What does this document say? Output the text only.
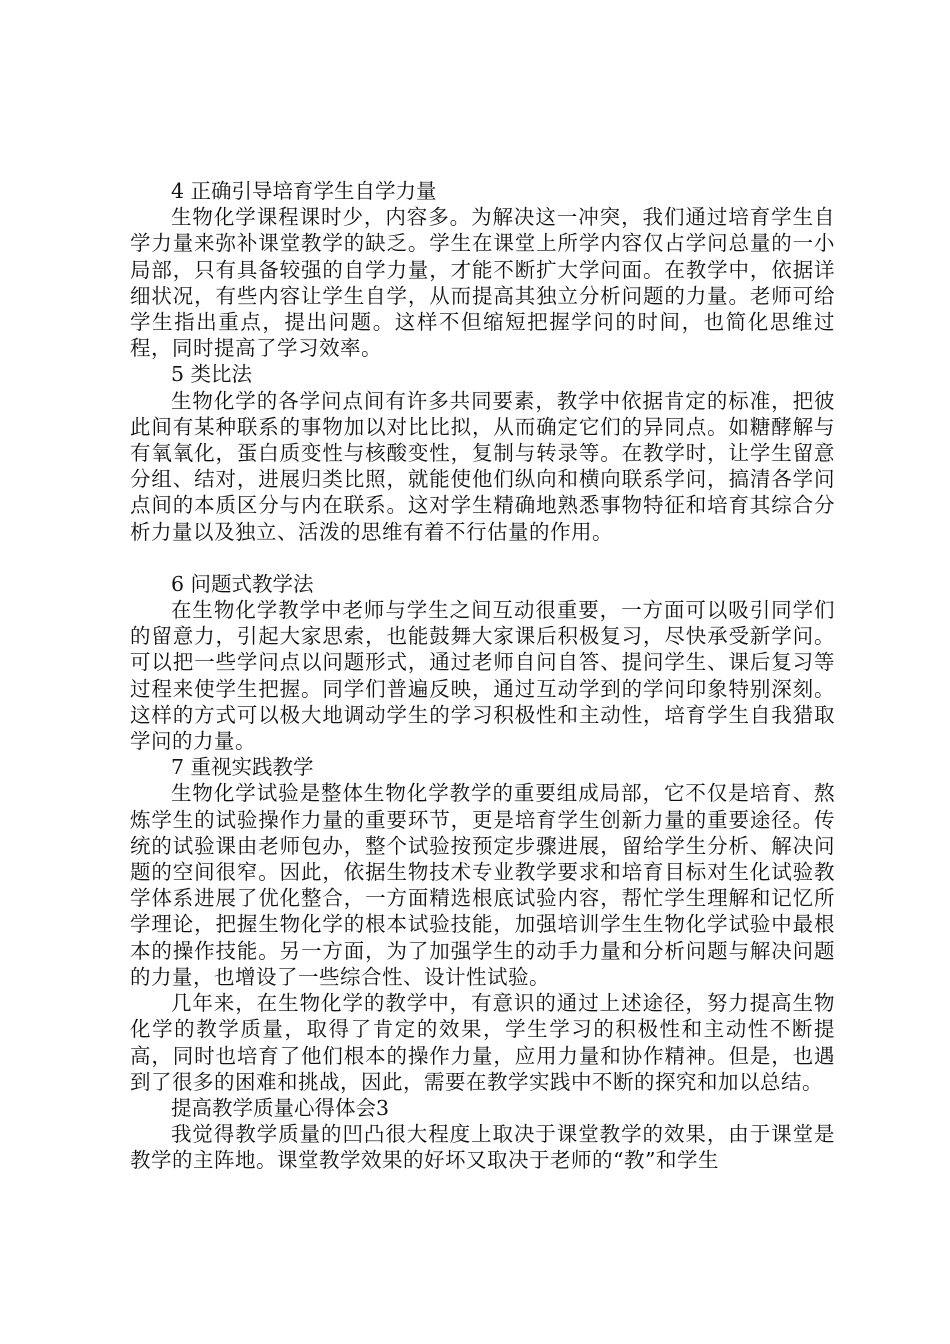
4 正确引导培育学生自学力量

生物化学课程课时少，内容多。为解决这一冲突，我们通过培育学生自学力量来弥补课堂教学的缺乏。学生在课堂上所学内容仅占学问总量的一小局部，只有具备较强的自学力量，才能不断扩大学问面。在教学中，依据详细状况，有些内容让学生自学，从而提高其独立分析问题的力量。老师可给学生指出重点，提出问题。这样不但缩短把握学问的时间，也简化思维过程，同时提高了学习效率。

5 类比法

生物化学的各学问点间有许多共同要素，教学中依据肯定的标准，把彼此间有某种联系的事物加以对比比拟，从而确定它们的异同点。如糖酵解与有氧氧化，蛋白质变性与核酸变性，复制与转录等。在教学时，让学生留意分组、结对，进展归类比照，就能使他们纵向和横向联系学问，搞清各学问点间的本质区分与内在联系。这对学生精确地熟悉事物特征和培育其综合分析力量以及独立、活泼的思维有着不行估量的作用。

6 问题式教学法

在生物化学教学中老师与学生之间互动很重要，一方面可以吸引同学们的留意力，引起大家思索，也能鼓舞大家课后积极复习，尽快承受新学问。可以把一些学问点以问题形式，通过老师自问自答、提问学生、课后复习等过程来使学生把握。同学们普遍反映，通过互动学到的学问印象特别深刻。这样的方式可以极大地调动学生的学习积极性和主动性，培育学生自我猎取学问的力量。

7 重视实践教学

生物化学试验是整体生物化学教学的重要组成局部，它不仅是培育、熬炼学生的试验操作力量的重要环节，更是培育学生创新力量的重要途径。传统的试验课由老师包办，整个试验按预定步骤进展，留给学生分析、解决问题的空间很窄。因此，依据生物技术专业教学要求和培育目标对生化试验教学体系进展了优化整合，一方面精选根底试验内容，帮忙学生理解和记忆所学理论，把握生物化学的根本试验技能，加强培训学生生物化学试验中最根本的操作技能。另一方面，为了加强学生的动手力量和分析问题与解决问题的力量，也增设了一些综合性、设计性试验。

几年来，在生物化学的教学中，有意识的通过上述途径，努力提高生物化学的教学质量，取得了肯定的效果，学生学习的积极性和主动性不断提高，同时也培育了他们根本的操作力量，应用力量和协作精神。但是，也遇到了很多的困难和挑战，因此，需要在教学实践中不断的探究和加以总结。

提高教学质量心得体会3

我觉得教学质量的凹凸很大程度上取决于课堂教学的效果，由于课堂是教学的主阵地。课堂教学效果的好坏又取决于老师的“教”和学生
